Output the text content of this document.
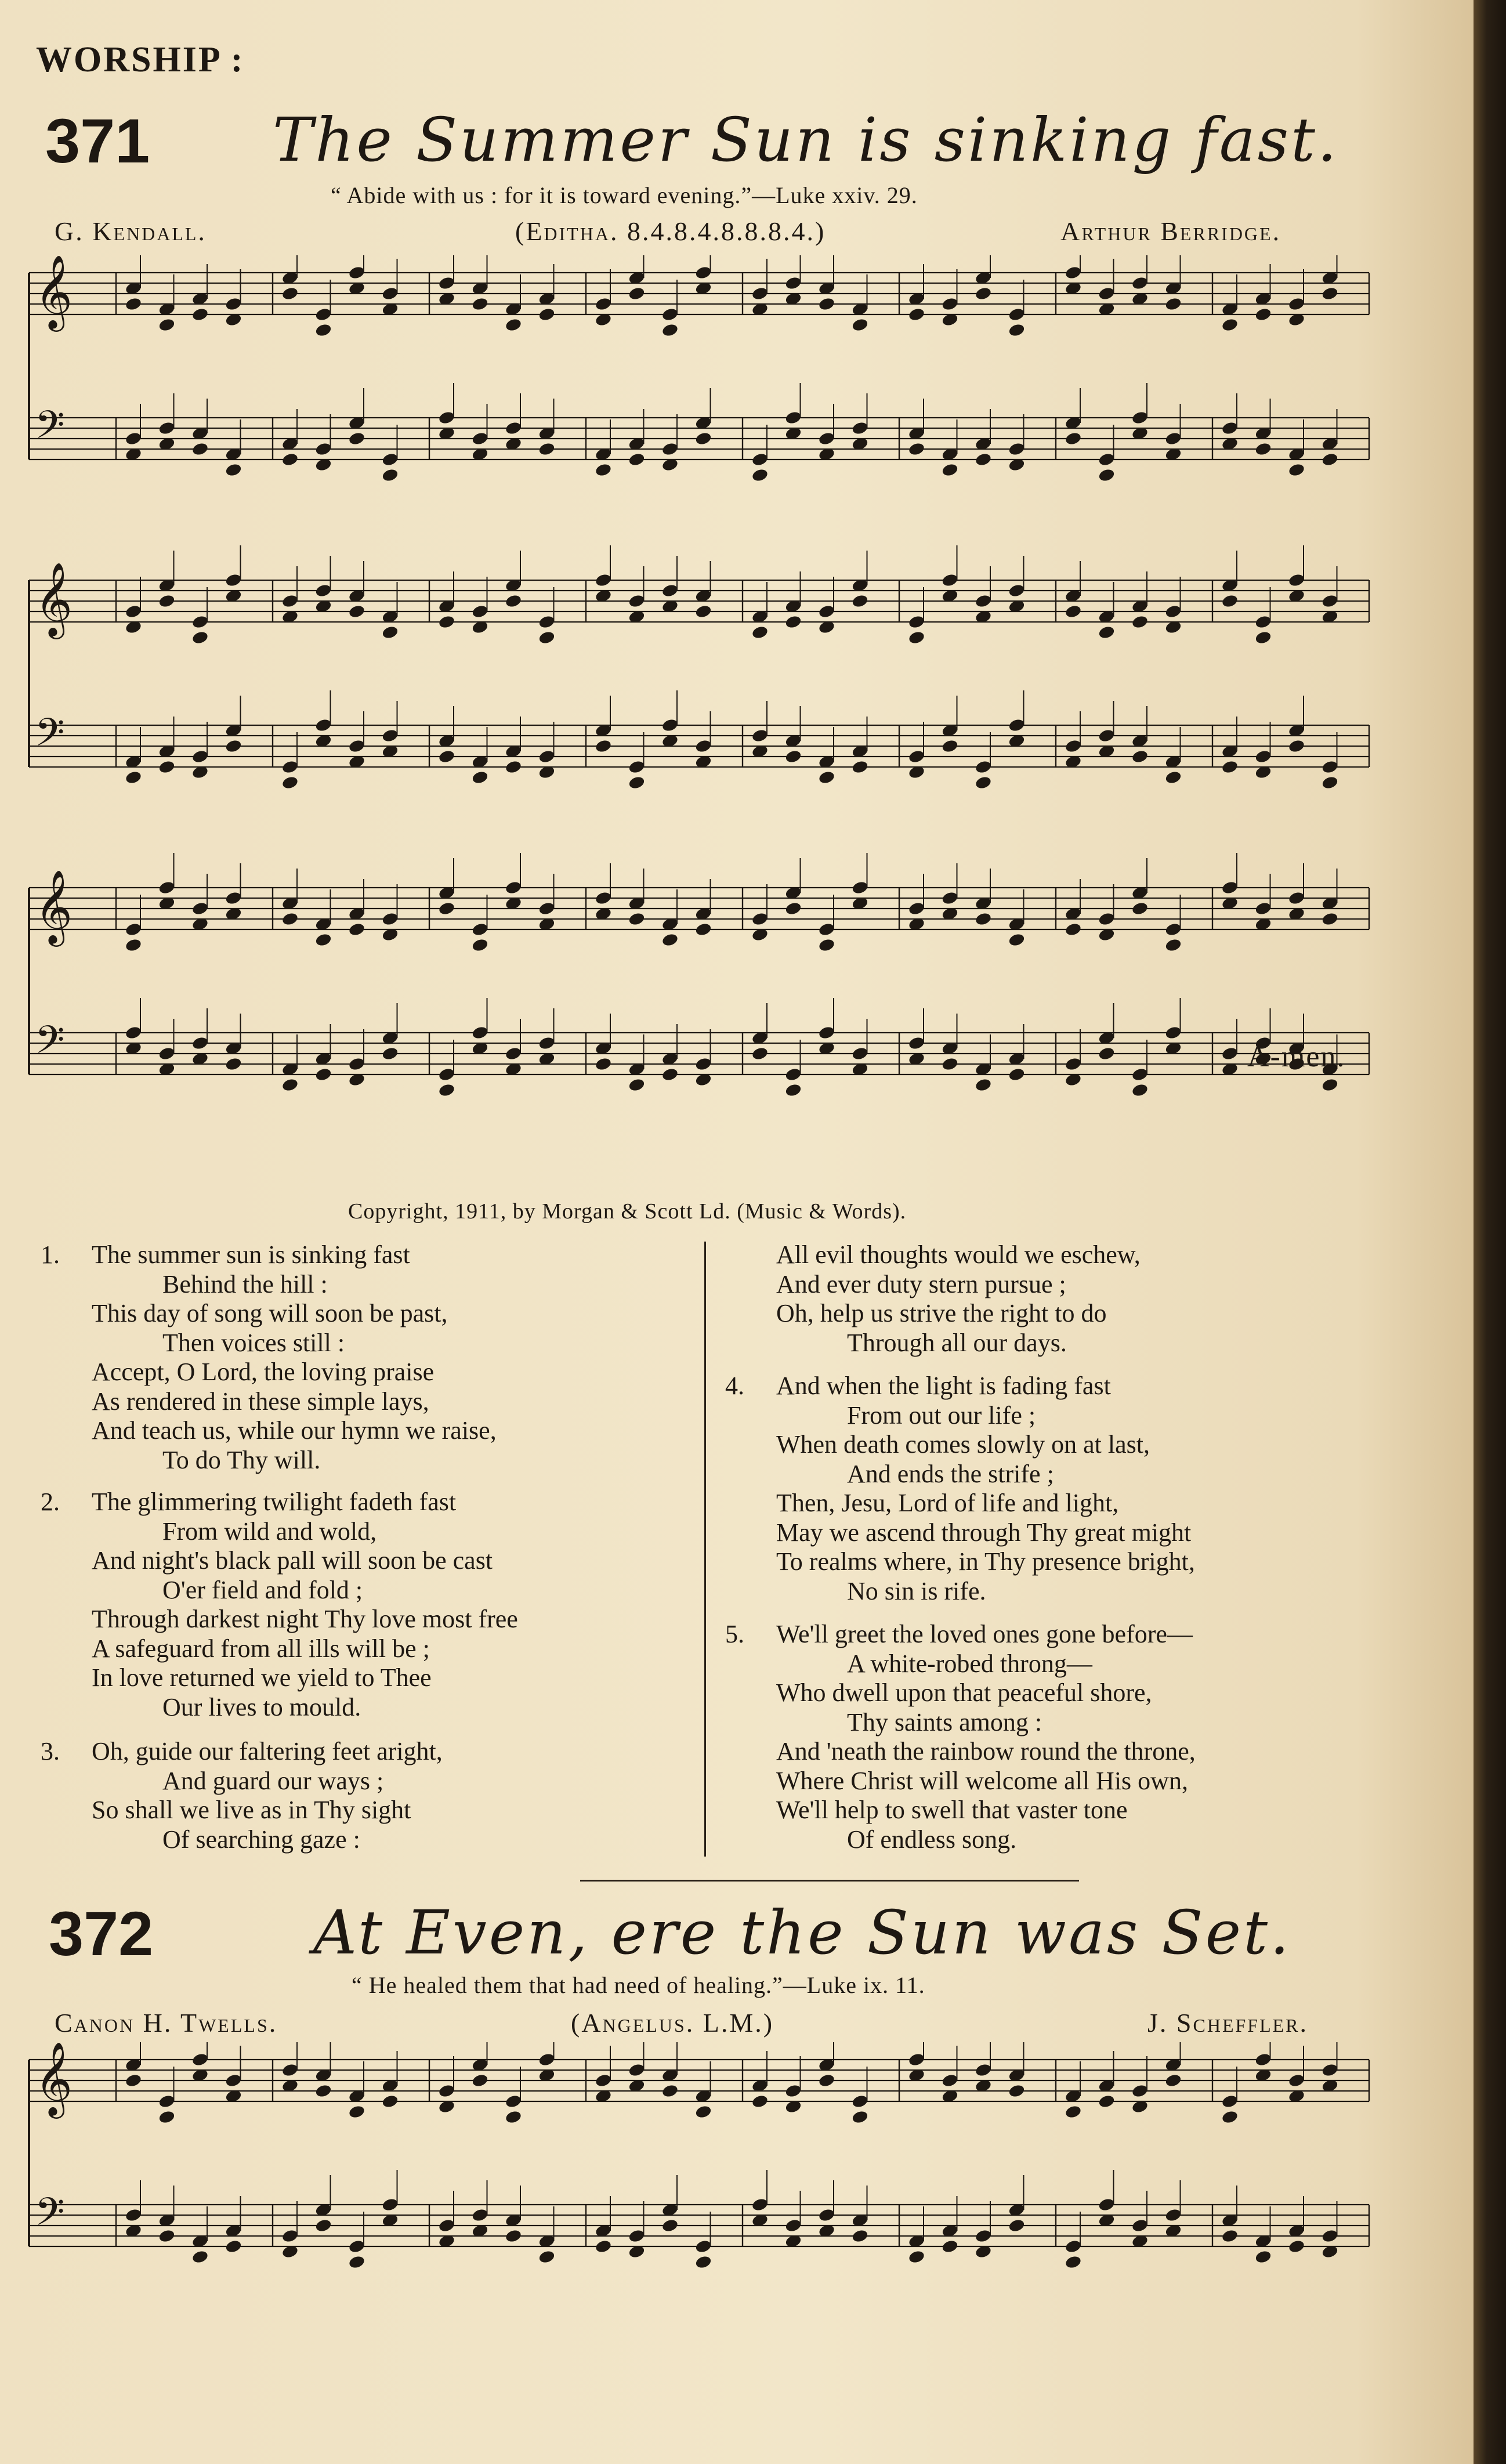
WORSHIP :
371 The Summer Sun is sinking fast.
“ Abide with us : for it is toward evening.”—Luke xxiv. 29.
G. Kendall.	(Editha. 8.4.8.4.8.8.8.4.)	Arthur Berridge.
𝄞
𝄢
𝄞
𝄢
𝄞
𝄢	A-men.
Copyright, 1911, by Morgan & Scott Ld. (Music & Words).
1. The summer sun is sinking fast
Behind the hill :
This day of song will soon be past,
Then voices still :
Accept, O Lord, the loving praise
As rendered in these simple lays,
And teach us, while our hymn we raise,
To do Thy will.
2. The glimmering twilight fadeth fast
From wild and wold,
And night's black pall will soon be cast
O'er field and fold ;
Through darkest night Thy love most free
A safeguard from all ills will be ;
In love returned we yield to Thee
Our lives to mould.
3. Oh, guide our faltering feet aright,
And guard our ways ;
So shall we live as in Thy sight
Of searching gaze :
All evil thoughts would we eschew,
And ever duty stern pursue ;
Oh, help us strive the right to do
Through all our days.
4. And when the light is fading fast
From out our life ;
When death comes slowly on at last,
And ends the strife ;
Then, Jesu, Lord of life and light,
May we ascend through Thy great might
To realms where, in Thy presence bright,
No sin is rife.
5. We'll greet the loved ones gone before—
A white-robed throng—
Who dwell upon that peaceful shore,
Thy saints among :
And 'neath the rainbow round the throne,
Where Christ will welcome all His own,
We'll help to swell that vaster tone
Of endless song.
372	At Even, ere the Sun was Set.
“ He healed them that had need of healing.”—Luke ix. 11.
Canon H. Twells.	(Angelus. L.M.)	J. Scheffler.
𝄞
𝄢
